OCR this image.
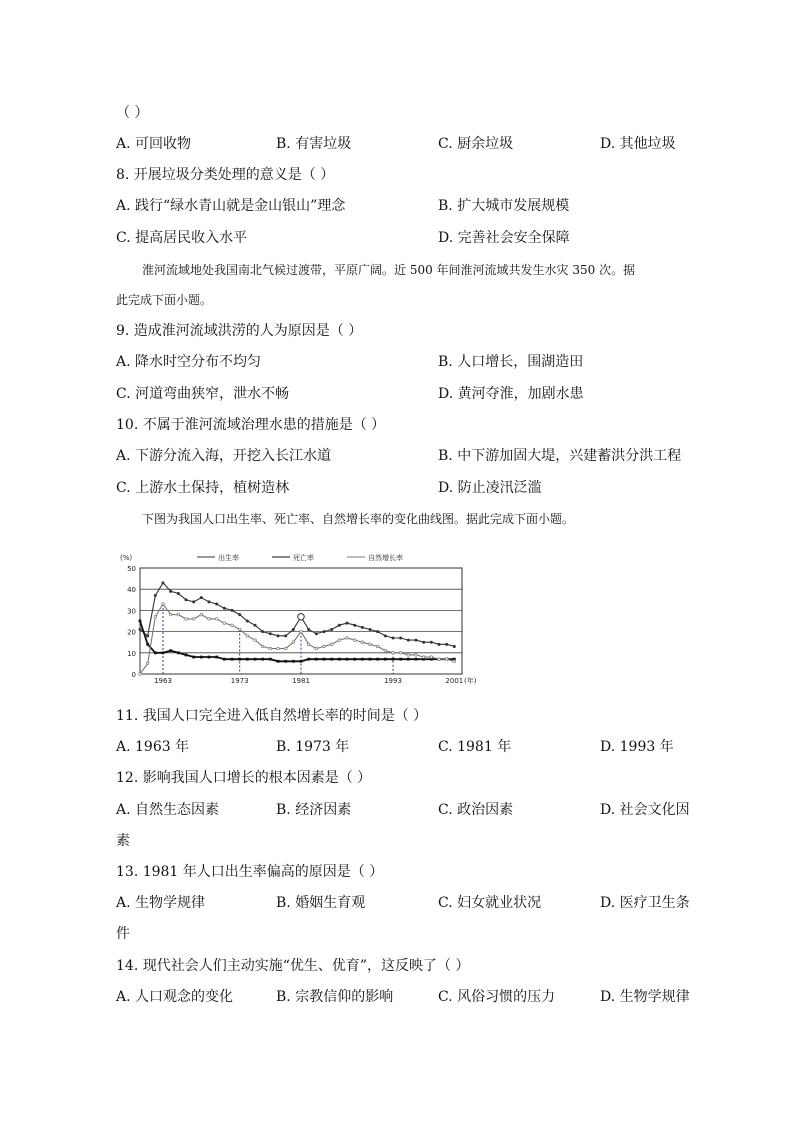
（ ）
A. 可回收物	B. 有害垃圾	C. 厨余垃圾	D. 其他垃圾
8. 开展垃圾分类处理的意义是（ ）
A. 践行“绿水青山就是金山银山”理念	B. 扩大城市发展规模
C. 提高居民收入水平	D. 完善社会安全保障
淮河流域地处我国南北气候过渡带，平原广阔。近 500 年间淮河流域共发生水灾 350 次。据
此完成下面小题。
9. 造成淮河流域洪涝的人为原因是（ ）
A. 降水时空分布不均匀	B. 人口增长，围湖造田
C. 河道弯曲狭窄，泄水不畅	D. 黄河夺淮，加剧水患
10. 不属于淮河流域治理水患的措施是（ ）
A. 下游分流入海，开挖入长江水道	B. 中下游加固大堤，兴建蓄洪分洪工程
C. 上游水土保持，植树造林	D. 防止凌汛泛滥
下图为我国人口出生率、死亡率、自然增长率的变化曲线图。据此完成下面小题。
0
10
20
30
40
50
(%)
1963	1973	1981	1993	2001 (年)
出生率	死亡率	自然增长率
11. 我国人口完全进入低自然增长率的时间是（ ）
A. 1963 年	B. 1973 年	C. 1981 年	D. 1993 年
12. 影响我国人口增长的根本因素是（ ）
A. 自然生态因素	B. 经济因素	C. 政治因素	D. 社会文化因
素
13. 1981 年人口出生率偏高的原因是（ ）
A. 生物学规律	B. 婚姻生育观	C. 妇女就业状况	D. 医疗卫生条
件
14. 现代社会人们主动实施“优生、优育”，这反映了（ ）
A. 人口观念的变化	B. 宗教信仰的影响	C. 风俗习惯的压力	D. 生物学规律
